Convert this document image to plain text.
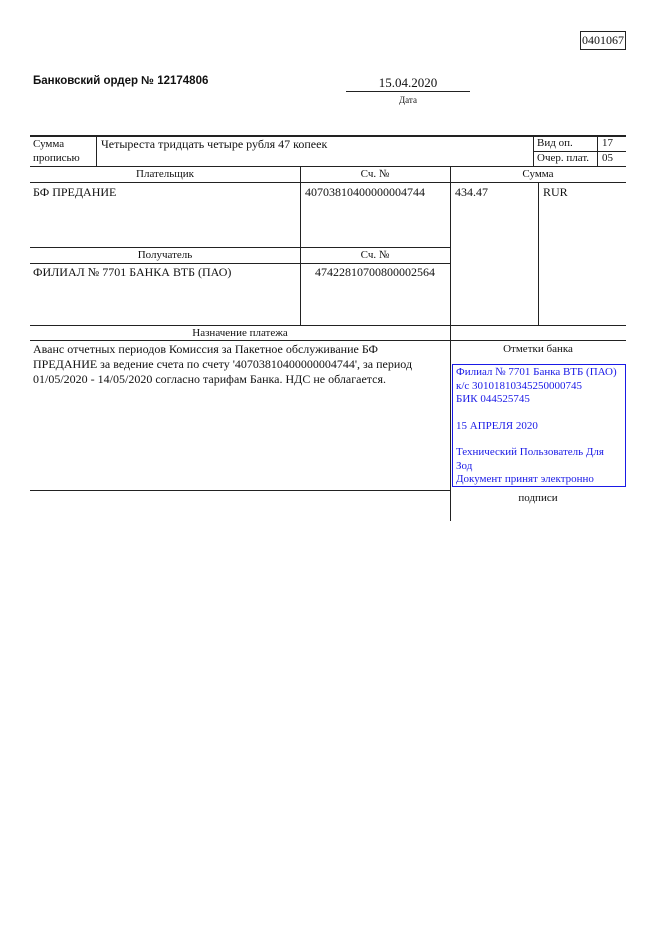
0401067
Банковский ордер № 12174806	15.04.2020
Дата
Сумма
прописью
Четыреста тридцать четыре рубля 47 копеек	Вид оп.	17
Очер. плат. 05
Плательщик	Сч. №	Сумма
БФ ПРЕДАНИЕ	40703810400000004744	434.47	RUR
Получатель	Сч. №
ФИЛИАЛ № 7701 БАНКА ВТБ (ПАО)	47422810700800002564
Назначение платежа
Аванс отчетных периодов Комиссия за Пакетное обслуживание БФ
ПРЕДАНИЕ за ведение счета по счету '40703810400000004744', за период
01/05/2020 - 14/05/2020 согласно тарифам Банка. НДС не облагается.
Отметки банка
Филиал № 7701 Банка ВТБ (ПАО)
к/с 30101810345250000745
БИК 044525745
15 АПРЕЛЯ 2020
Технический Пользователь Для
Зод
Документ принят электронно
подписи
